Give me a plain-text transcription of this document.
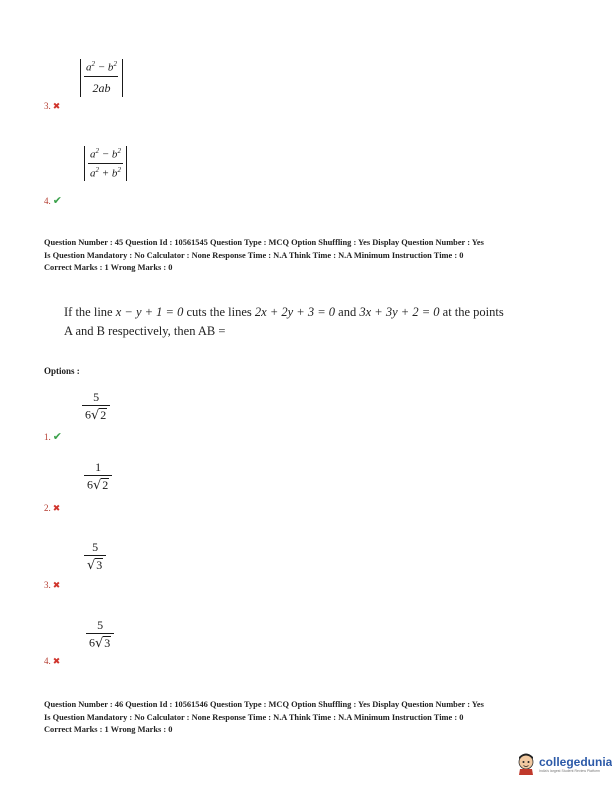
$\frac{a^2 - b^2}{2ab}$
3. ✖
$\frac{a^2 - b^2}{a^2 + b^2}$
4. ✔
Question Number : 45 Question Id : 10561545 Question Type : MCQ Option Shuffling : Yes Display Question Number : Yes
Is Question Mandatory : No Calculator : None Response Time : N.A Think Time : N.A Minimum Instruction Time : 0
Correct Marks : 1 Wrong Marks : 0
If the line x − y + 1 = 0 cuts the lines 2x + 2y + 3 = 0 and 3x + 3y + 2 = 0 at the points
A and B respectively, then AB =
Options :
$\frac{5}{6 √ 2}$
1. ✔
$\frac{1}{6 √ 2}$
2. ✖
$\frac{5}{√ 3}$
3. ✖
$\frac{5}{6 √ 3}$
4. ✖
Question Number : 46 Question Id : 10561546 Question Type : MCQ Option Shuffling : Yes Display Question Number : Yes
Is Question Mandatory : No Calculator : None Response Time : N.A Think Time : N.A Minimum Instruction Time : 0
Correct Marks : 1 Wrong Marks : 0
collegedunia
India's largest Student Review Platform
